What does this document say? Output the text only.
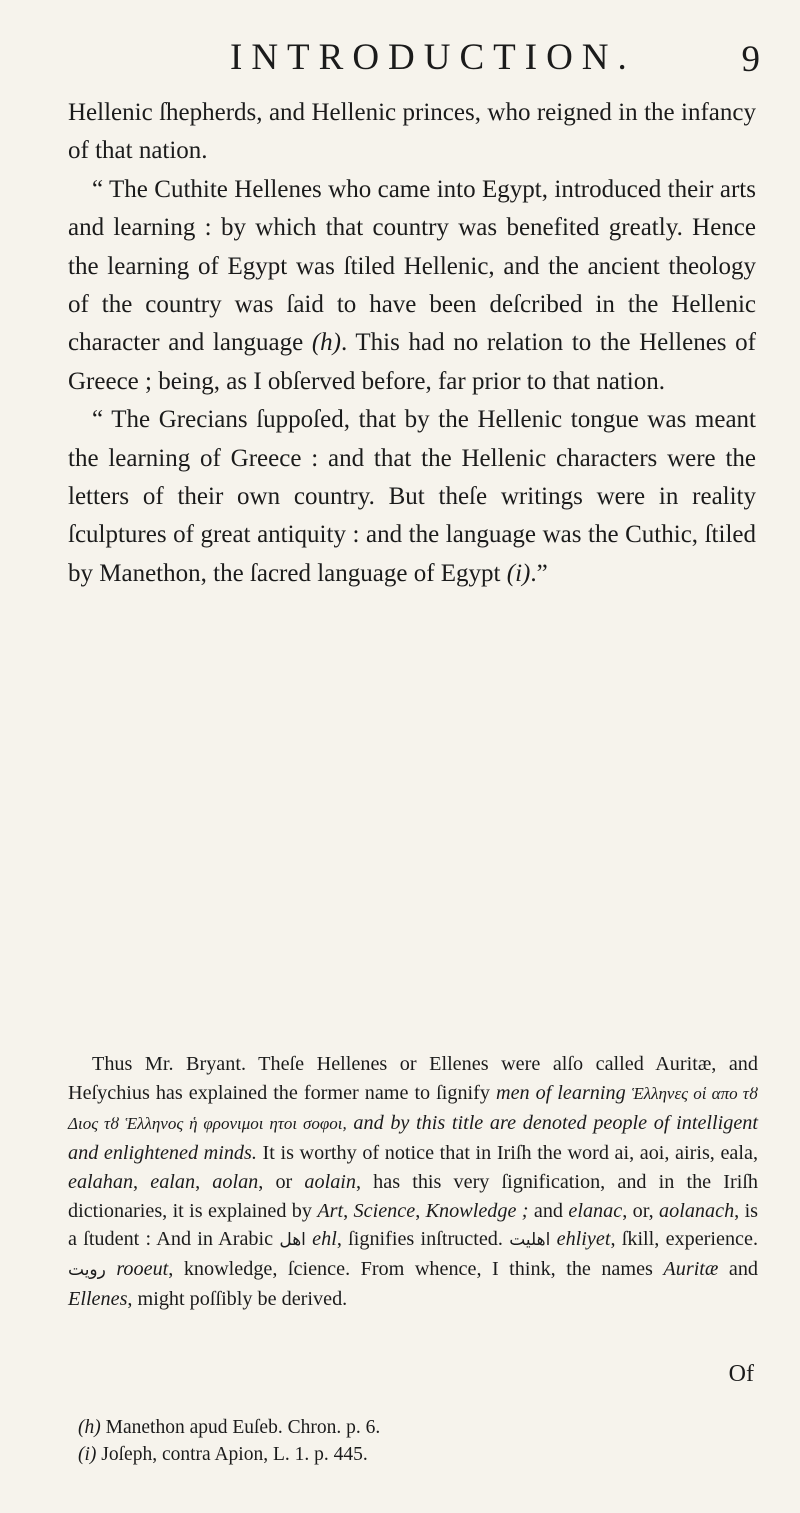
INTRODUCTION.	9

Hellenic ſhepherds, and Hellenic princes, who reigned in the infancy of that nation.

“ The Cuthite Hellenes who came into Egypt, introduced their arts and learning : by which that country was benefited greatly. Hence the learning of Egypt was ſtiled Hellenic, and the ancient theology of the country was ſaid to have been deſcribed in the Hellenic character and language (h). This had no relation to the Hellenes of Greece ; being, as I obſerved before, far prior to that nation.

“ The Grecians ſuppoſed, that by the Hellenic tongue was meant the learning of Greece : and that the Hellenic characters were the letters of their own country. But theſe writings were in reality ſculptures of great antiquity : and the language was the Cuthic, ſtiled by Manethon, the ſacred language of Egypt (i).”

Thus Mr. Bryant. Theſe Hellenes or Ellenes were alſo called Auritæ, and Heſychius has explained the former name to ſignify men of learning Ἑλληνες οἱ απο τȣ Διος τȣ Ἑλληνος ἡ φρονιμοι ητοι σοφοι, and by this title are denoted people of intelligent and enlightened minds. It is worthy of notice that in Iriſh the word ai, aoi, airis, eala, ealahan, ealan, aolan, or aolain, has this very ſignification, and in the Iriſh dictionaries, it is explained by Art, Science, Knowledge ; and elanac, or, aolanach, is a ſtudent : And in Arabic اهل ehl, ſignifies inſtructed. اهليت ehliyet, ſkill, experience. رويت rooeut, knowledge, ſcience. From whence, I think, the names Auritæ and Ellenes, might poſſibly be derived.

Of
(h) Manethon apud Euſeb. Chron. p. 6.
(i) Joſeph, contra Apion, L. 1. p. 445.
